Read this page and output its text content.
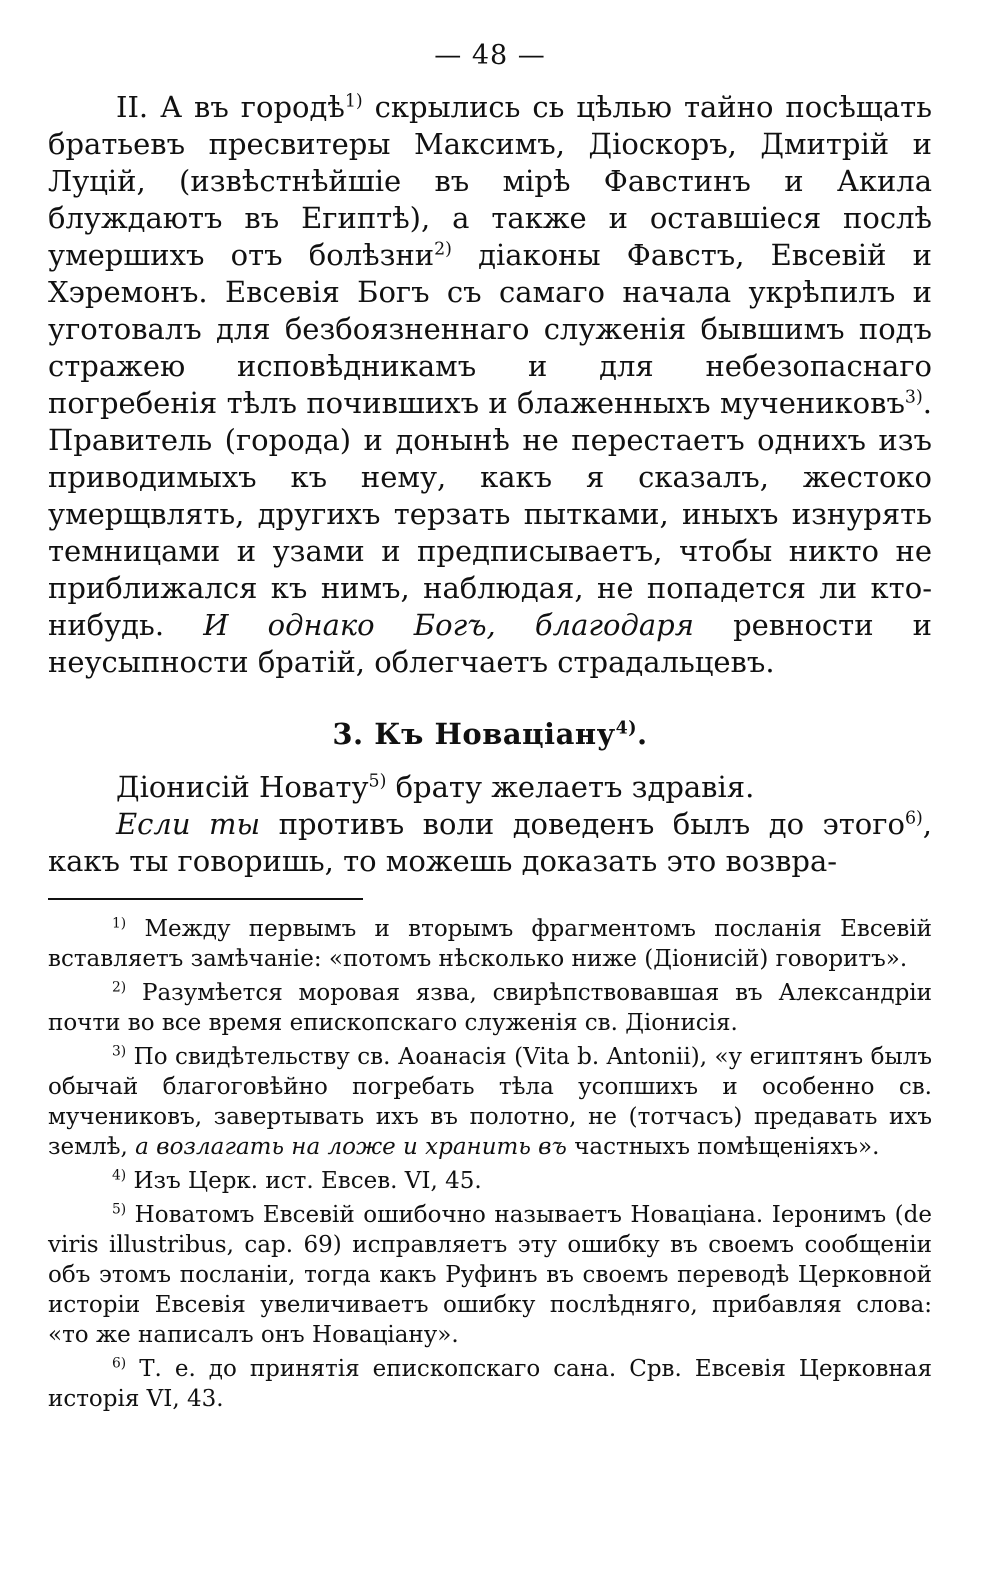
— 48 —

II. А въ городѣ$^{1)}$ скрылись сь цѣлью тайно посѣщать братьевъ пресвитеры Максимъ, Діоскоръ, Дмитрій и Луцій, (извѣстнѣйшіе въ мірѣ Фавстинъ и Акила блуждаютъ въ Египтѣ), а также и оставшіеся послѣ умершихъ отъ болѣзни$^{2)}$ діаконы Фавстъ, Евсевій и Хэремонъ. Евсевія Богъ съ самаго начала укрѣпилъ и уготовалъ для безбоязненнаго служенія бывшимъ подъ стражею исповѣдникамъ и для небезопаснаго погребенія тѣлъ почившихъ и блаженныхъ мучениковъ$^{3)}$. Правитель (города) и донынѣ не перестаетъ однихъ изъ приводимыхъ къ нему, какъ я сказалъ, жестоко умерщвлять, другихъ терзать пытками, иныхъ изнурять темницами и узами и предписываетъ, чтобы никто не приближался къ нимъ, наблюдая, не попадется ли кто-нибудь. И однако Богъ, благодаря ревности и неусыпности братій, облегчаетъ страдальцевъ.

3. Къ Новаціану$^{4)}$.

Діонисій Новату$^{5)}$ брату желаетъ здравія.

Если ты противъ воли доведенъ былъ до этого$^{6)}$, какъ ты говоришь, то можешь доказать это возвра-

$^{1)}$ Между первымъ и вторымъ фрагментомъ посланія Евсевій вставляетъ замѣчаніе: «потомъ нѣсколько ниже (Діонисій) говоритъ».

$^{2)}$ Разумѣется моровая язва, свирѣпствовавшая въ Александріи почти во все время епископскаго служенія св. Діонисія.

$^{3)}$ По свидѣтельству св. Аоанасія (Vita b. Antonii), «у египтянъ былъ обычай благоговѣйно погребать тѣла усопшихъ и особенно св. мучениковъ, завертывать ихъ въ полотно, не (тотчасъ) предавать ихъ землѣ, а возлагать на ложе и хранить въ частныхъ помѣщеніяхъ».

$^{4)}$ Изъ Церк. ист. Евсев. VI, 45.

$^{5)}$ Новатомъ Евсевій ошибочно называетъ Новаціана. Іеронимъ (de viris illustribus, cap. 69) исправляетъ эту ошибку въ своемъ сообщеніи объ этомъ посланіи, тогда какъ Руфинъ въ своемъ переводѣ Церковной исторіи Евсевія увеличиваетъ ошибку послѣдняго, прибавляя слова: «то же написалъ онъ Новаціану».

$^{6)}$ Т. е. до принятія епископскаго сана. Срв. Евсевія Церковная исторія VI, 43.
